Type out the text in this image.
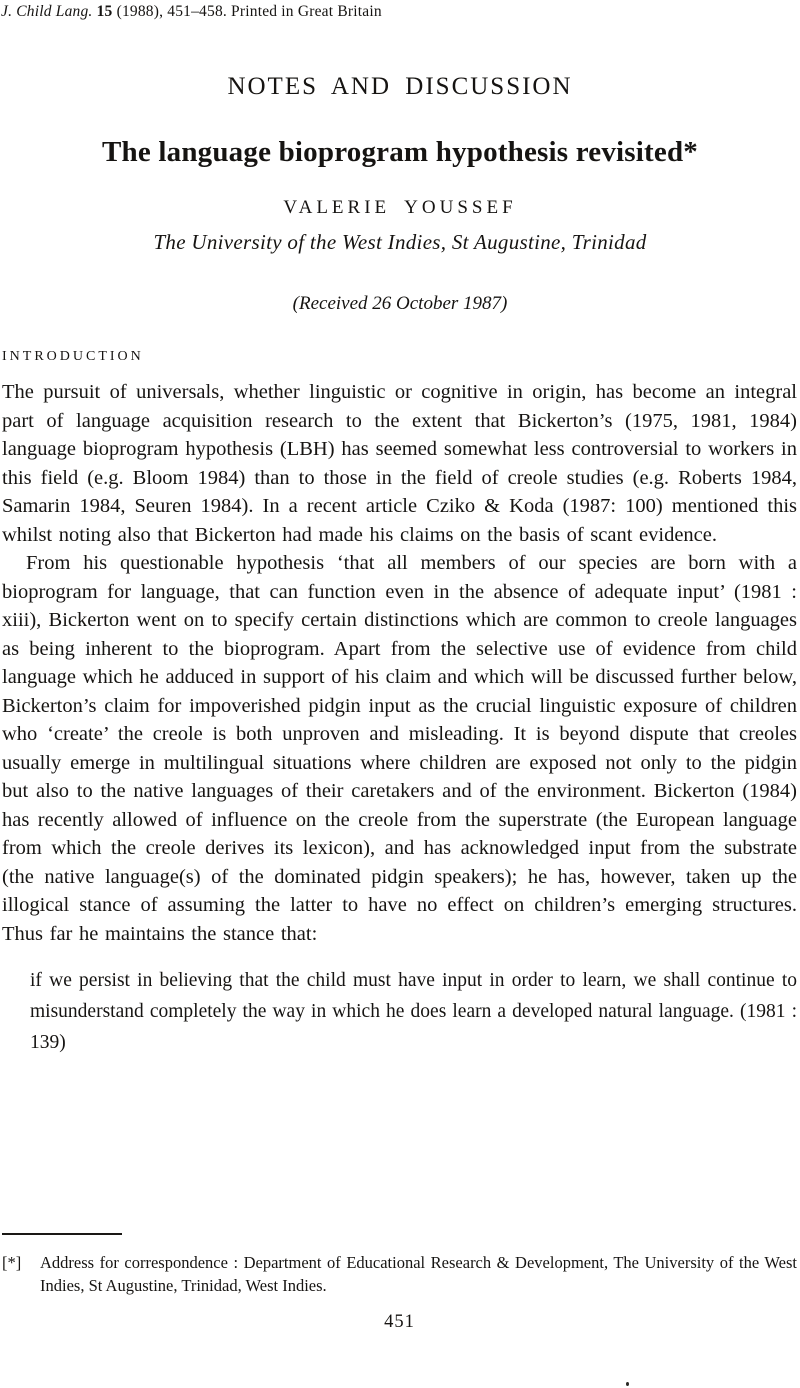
J. Child Lang. 15 (1988), 451–458. Printed in Great Britain
NOTES AND DISCUSSION
The language bioprogram hypothesis revisited*
VALERIE YOUSSEF
The University of the West Indies, St Augustine, Trinidad
(Received 26 October 1987)
INTRODUCTION

The pursuit of universals, whether linguistic or cognitive in origin, has become an integral part of language acquisition research to the extent that Bickerton’s (1975, 1981, 1984) language bioprogram hypothesis (LBH) has seemed somewhat less controversial to workers in this field (e.g. Bloom 1984) than to those in the field of creole studies (e.g. Roberts 1984, Samarin 1984, Seuren 1984). In a recent article Cziko & Koda (1987: 100) mentioned this whilst noting also that Bickerton had made his claims on the basis of scant evidence.

From his questionable hypothesis ‘that all members of our species are born with a bioprogram for language, that can function even in the absence of adequate input’ (1981 : xiii), Bickerton went on to specify certain distinctions which are common to creole languages as being inherent to the bioprogram. Apart from the selective use of evidence from child language which he adduced in support of his claim and which will be discussed further below, Bickerton’s claim for impoverished pidgin input as the crucial linguistic exposure of children who ‘create’ the creole is both unproven and misleading. It is beyond dispute that creoles usually emerge in multilingual situations where children are exposed not only to the pidgin but also to the native languages of their caretakers and of the environment. Bickerton (1984) has recently allowed of influence on the creole from the superstrate (the European language from which the creole derives its lexicon), and has acknowledged input from the substrate (the native language(s) of the dominated pidgin speakers); he has, however, taken up the illogical stance of assuming the latter to have no effect on children’s emerging structures. Thus far he maintains the stance that:

if we persist in believing that the child must have input in order to learn, we shall continue to misunderstand completely the way in which he does learn a developed natural language. (1981 : 139)
[*] Address for correspondence : Department of Educational Research & Development, The University of the West Indies, St Augustine, Trinidad, West Indies.
451
